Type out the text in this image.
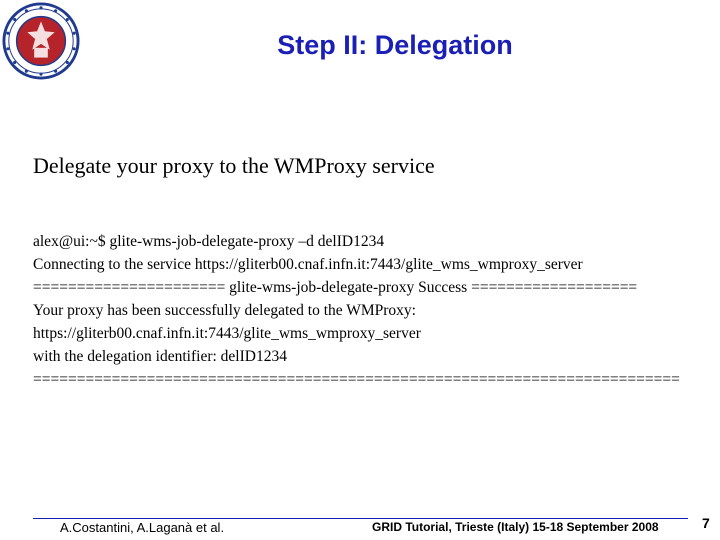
Step II: Delegation
Delegate your proxy to the WMProxy service
alex@ui:~$ glite-wms-job-delegate-proxy –d delID1234
Connecting to the service https://gliterb00.cnaf.infn.it:7443/glite_wms_wmproxy_server
====================== glite-wms-job-delegate-proxy Success ===================
Your proxy has been successfully delegated to the WMProxy:
https://gliterb00.cnaf.infn.it:7443/glite_wms_wmproxy_server
with the delegation identifier: delID1234
==========================================================================
A.Costantini, A.Laganà et al.	GRID Tutorial, Trieste (Italy) 15-18 September 2008	7
